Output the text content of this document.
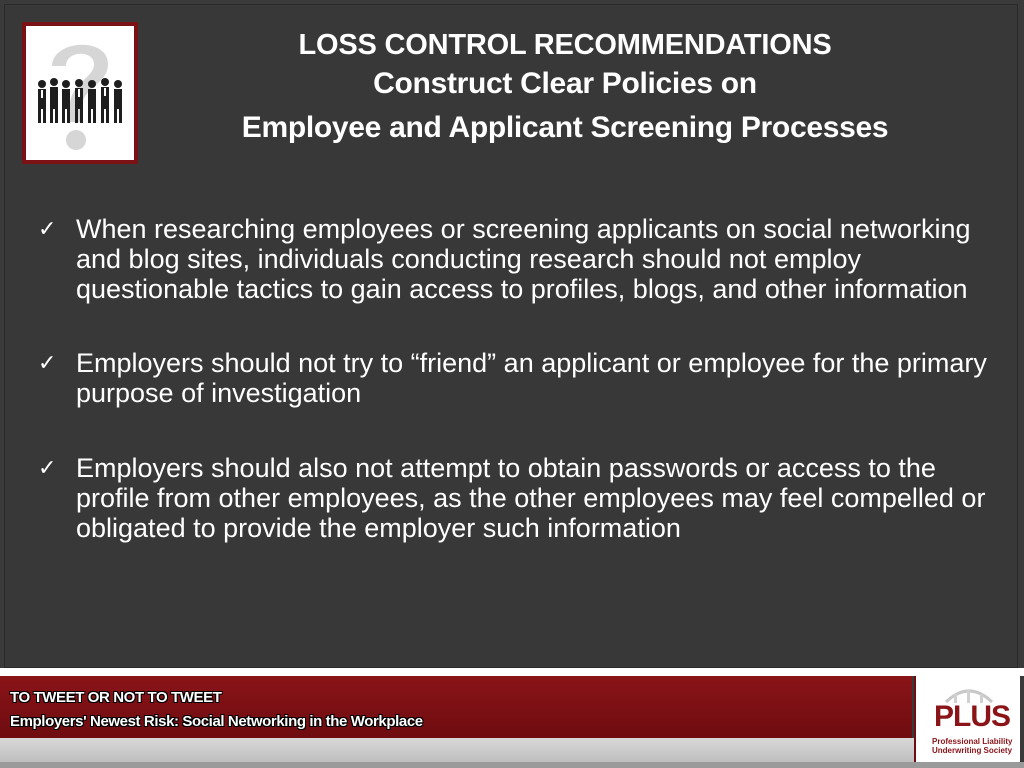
LOSS CONTROL RECOMMENDATIONS
Construct Clear Policies on
Employee and Applicant Screening Processes
✓ When researching employees or screening applicants on social networking and blog sites, individuals conducting research should not employ questionable tactics to gain access to profiles, blogs, and other information
✓ Employers should not try to “friend” an applicant or employee for the primary purpose of investigation
✓ Employers should also not attempt to obtain passwords or access to the profile from other employees, as the other employees may feel compelled or obligated to provide the employer such information
TO TWEET OR NOT TO TWEET
Employers' Newest Risk: Social Networking in the Workplace	PLUS
Professional Liability
Underwriting Society
